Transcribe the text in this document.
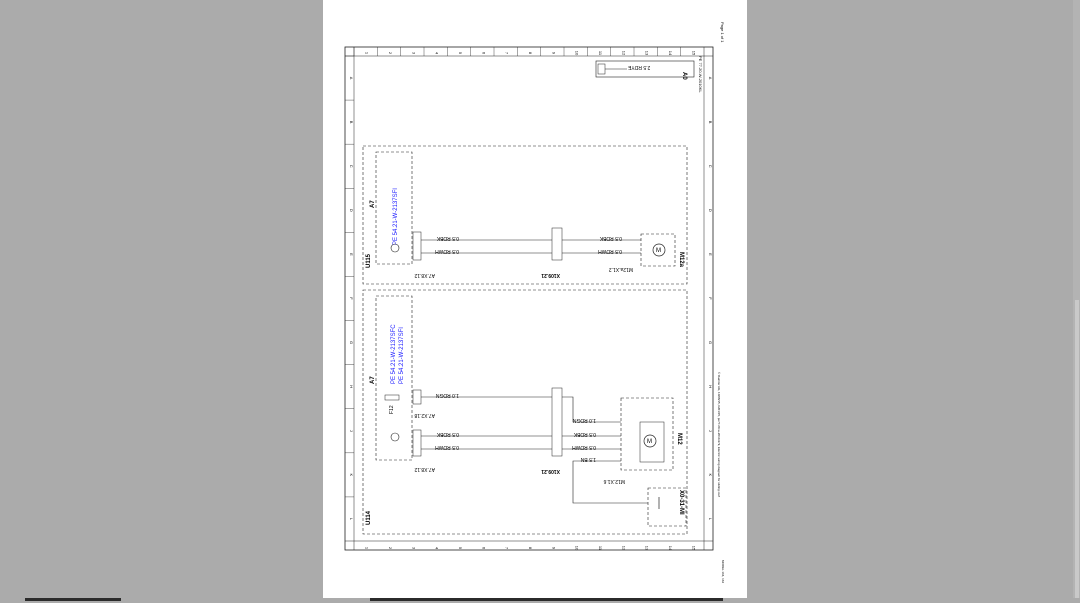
Page 1 of 1
A	A
B	B
C	C
D	D
E	E
F	F
G	G
H	H
J	J
K	K
L	L
1
1
2
2
3
3
4
4
5
5
6
6
7
7
8
8
9
9
10
10
11
11
12
12
13
13
14
14
15
15
2.5 RDYE
A0	PE 77.20-W-2010KL
U115
A7	PE 54.21-W-2137SFI
A7.X8.12
0.5 RDBK
0.5 RDWH
X109.21
0.5 RDBK
0.5 RDWH	M
M12a.X1.2
M12a
U114
A7	PE 54.21-W-2137SFC PE 54.21-W-2137SFI
F12
A7.X2.18
A7.X8.12
1.0 RDGN
0.5 RDBK
0.5 RDWH
X109.21
1.0 RDGN
0.5 RDBK
0.5 RDWH
1.5 BN
M
M12.X1.6
M12
X0-31-MI
© Daimler AG, 10/08/15, G/01/15, pe77.20-w-2010-97k, Electric wiring diagram for sliding roof
MODEL 164, 164
